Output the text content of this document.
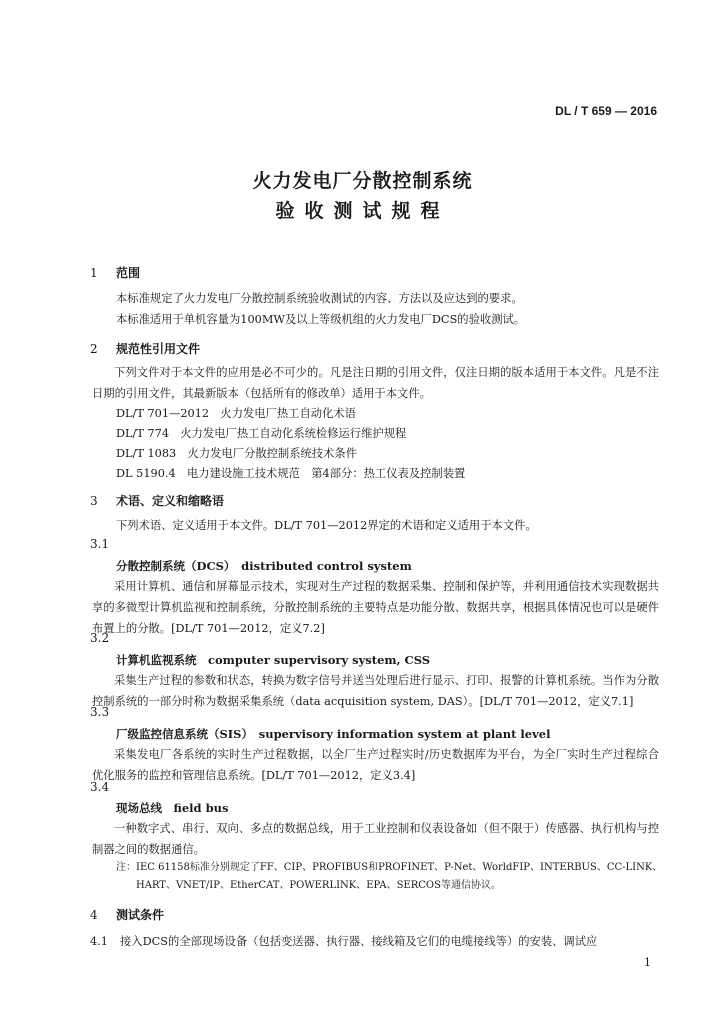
DL / T 659 — 2016
火力发电厂分散控制系统
验收测试规程
1 范围
本标准规定了火力发电厂分散控制系统验收测试的内容、方法以及应达到的要求。
本标准适用于单机容量为100MW及以上等级机组的火力发电厂DCS的验收测试。
2 规范性引用文件
下列文件对于本文件的应用是必不可少的。凡是注日期的引用文件，仅注日期的版本适用于本文件。凡是不注日期的引用文件，其最新版本（包括所有的修改单）适用于本文件。
DL/T 701—2012　火力发电厂热工自动化术语
DL/T 774　火力发电厂热工自动化系统检修运行维护规程
DL/T 1083　火力发电厂分散控制系统技术条件
DL 5190.4　电力建设施工技术规范　第4部分：热工仪表及控制装置
3 术语、定义和缩略语
下列术语、定义适用于本文件。DL/T 701—2012界定的术语和定义适用于本文件。
3.1
分散控制系统（DCS）　distributed control system
采用计算机、通信和屏幕显示技术，实现对生产过程的数据采集、控制和保护等，并利用通信技术实现数据共享的多微型计算机监视和控制系统，分散控制系统的主要特点是功能分散、数据共享，根据具体情况也可以是硬件布置上的分散。[DL/T 701—2012，定义7.2]
3.2
计算机监视系统　computer supervisory system, CSS
采集生产过程的参数和状态，转换为数字信号并送当处理后进行显示、打印、报警的计算机系统。当作为分散控制系统的一部分时称为数据采集系统（data acquisition system, DAS）。[DL/T 701—2012，定义7.1]
3.3
厂级监控信息系统（SIS）　supervisory information system at plant level
采集发电厂各系统的实时生产过程数据，以全厂生产过程实时/历史数据库为平台，为全厂实时生产过程综合优化服务的监控和管理信息系统。[DL/T 701—2012，定义3.4]
3.4
现场总线　field bus
一种数字式、串行、双向、多点的数据总线，用于工业控制和仪表设备如（但不限于）传感器、执行机构与控制器之间的数据通信。
注：IEC 61158标准分别规定了FF、CIP、PROFIBUS和PROFINET、P-Net、WorldFIP、INTERBUS、CC-LINK、
HART、VNET/IP、EtherCAT、POWERLINK、EPA、SERCOS等通信协议。
4 测试条件
4.1 接入DCS的全部现场设备（包括变送器、执行器、接线箱及它们的电缆接线等）的安装、调试应
1
